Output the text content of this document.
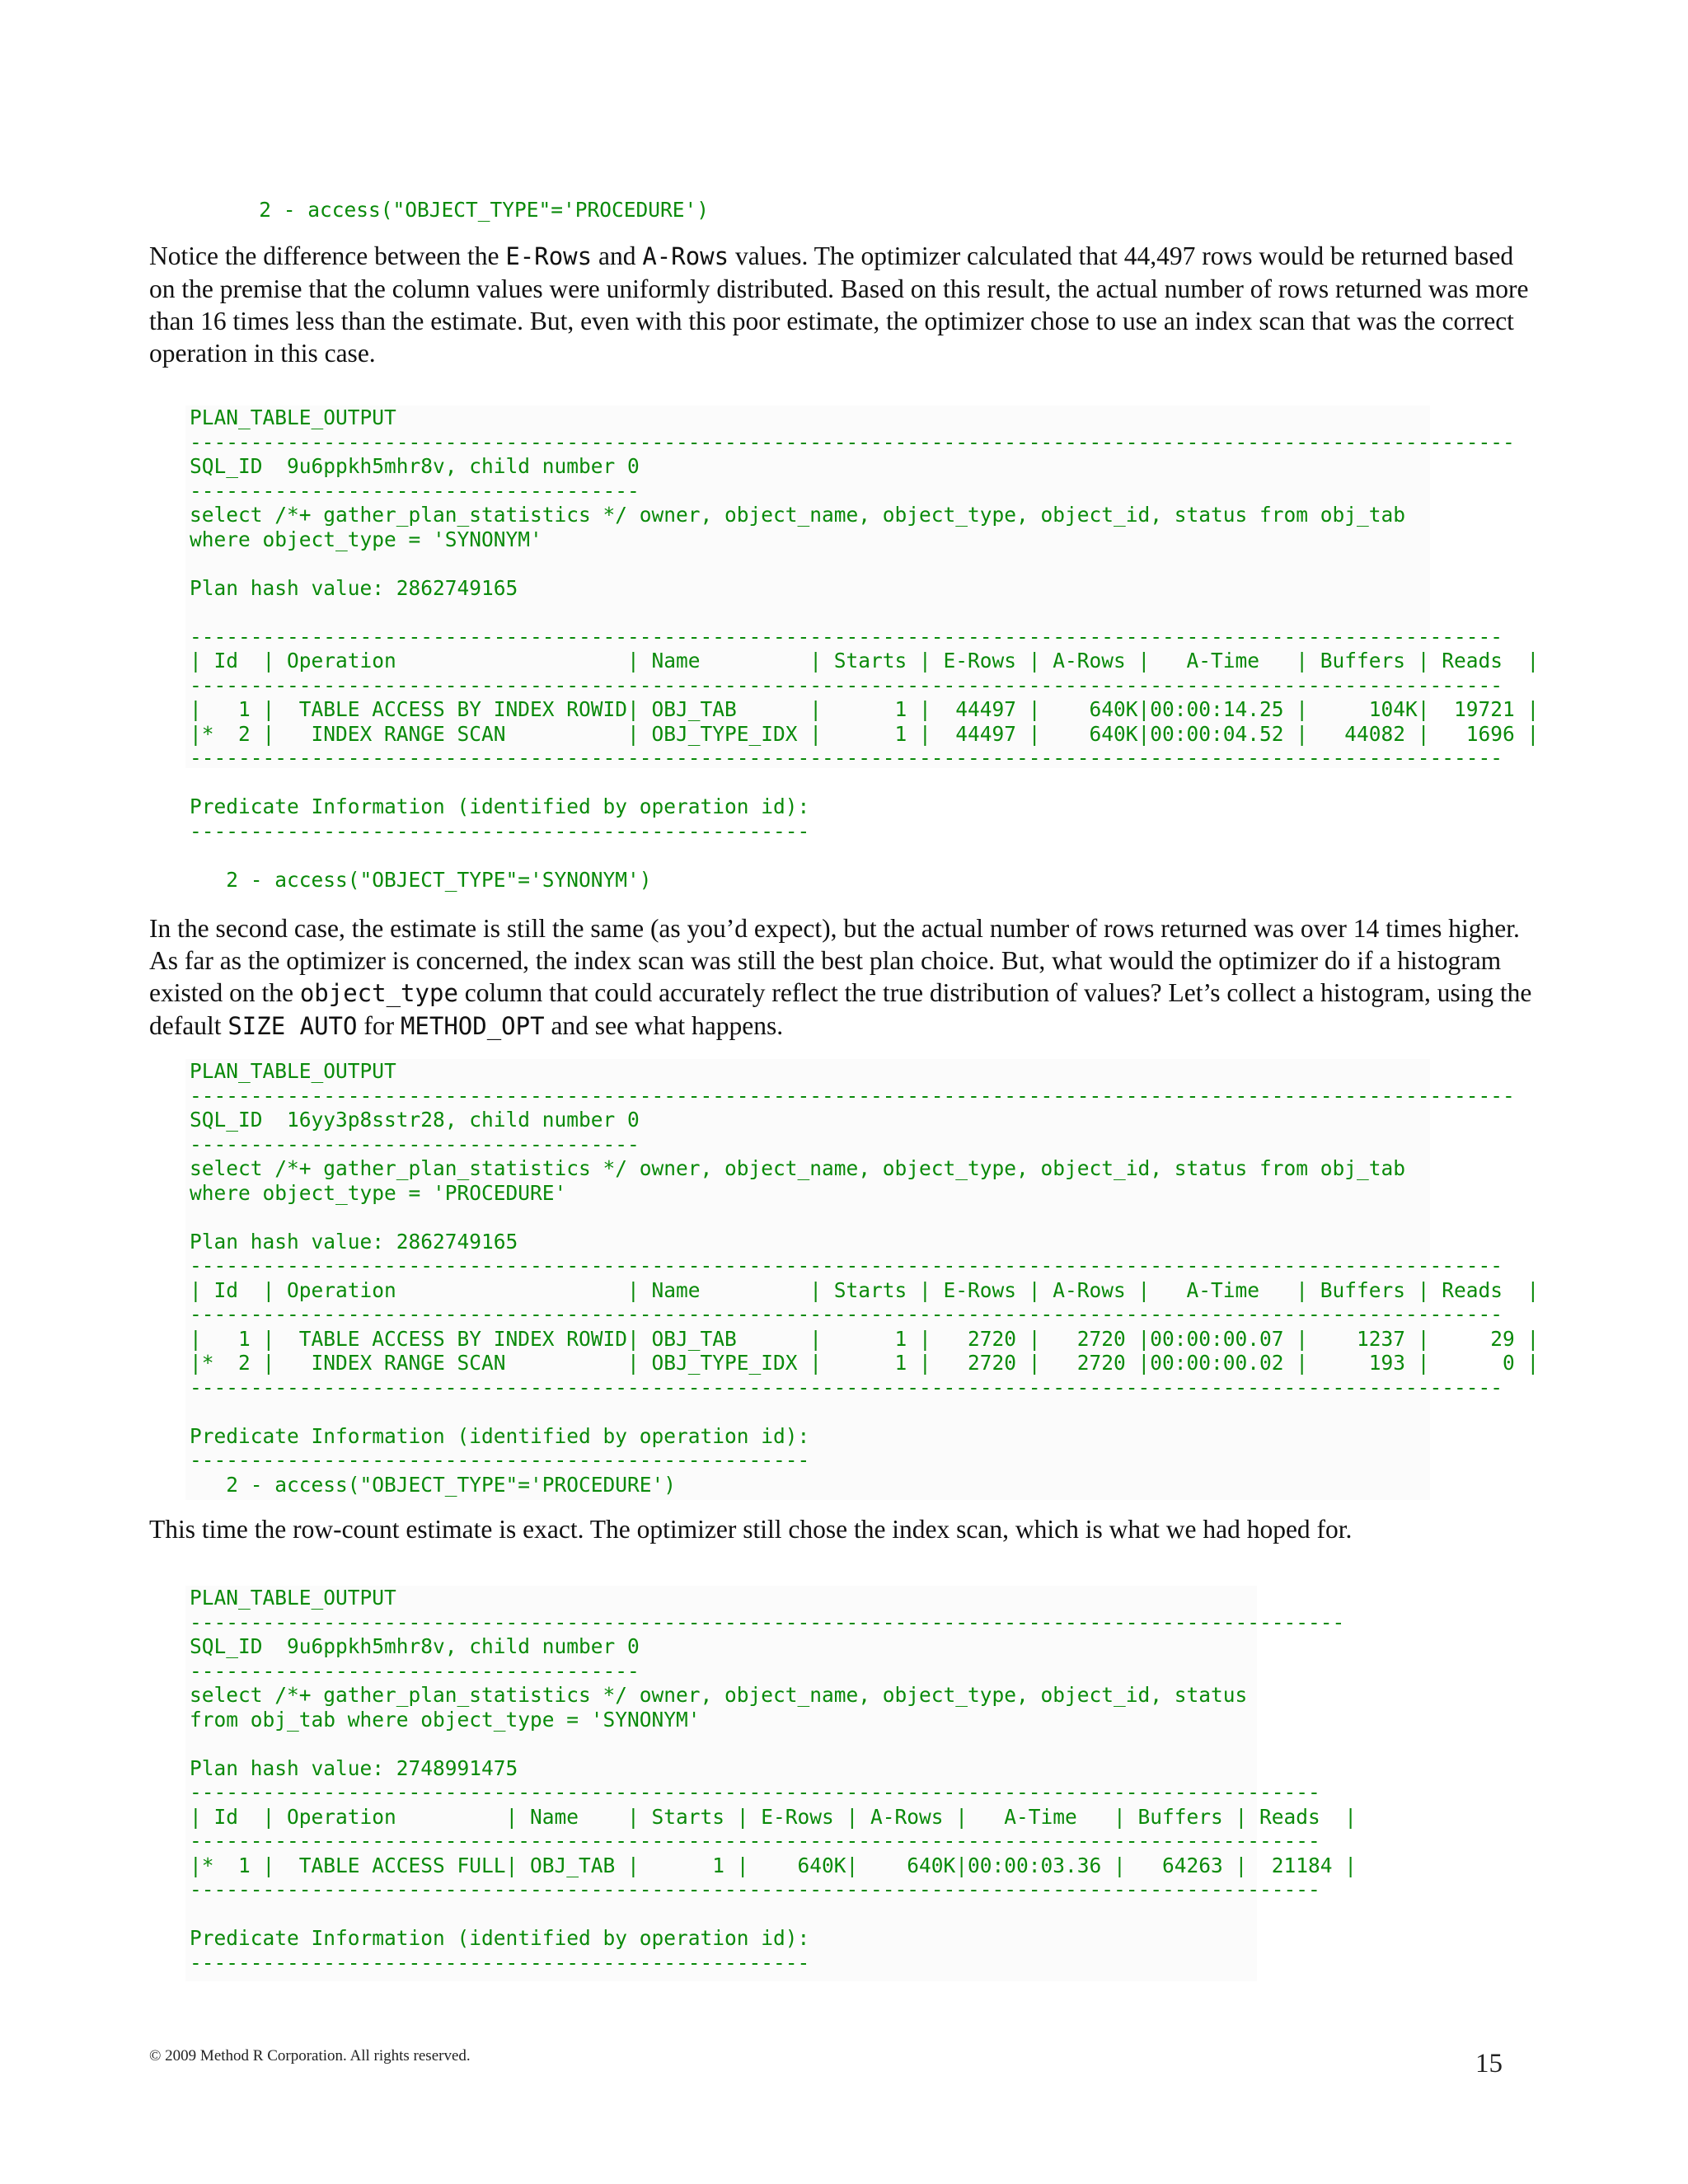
2 - access("OBJECT_TYPE"='PROCEDURE')

Notice the difference between the E-Rows and A-Rows values. The optimizer calculated that 44,497 rows would be returned based on the premise that the column values were uniformly distributed. Based on this result, the actual number of rows returned was more than 16 times less than the estimate. But, even with this poor estimate, the optimizer chose to use an index scan that was the correct operation in this case.

PLAN_TABLE_OUTPUT
-------------------------------------------------------------------------------------------------------------
SQL_ID  9u6ppkh5mhr8v, child number 0
-------------------------------------
select /*+ gather_plan_statistics */ owner, object_name, object_type, object_id, status from obj_tab
where object_type = 'SYNONYM'

Plan hash value: 2862749165

------------------------------------------------------------------------------------------------------------
| Id  | Operation                   | Name         | Starts | E-Rows | A-Rows |   A-Time   | Buffers | Reads  |
------------------------------------------------------------------------------------------------------------
|   1 |  TABLE ACCESS BY INDEX ROWID| OBJ_TAB      |      1 |  44497 |    640K|00:00:14.25 |     104K|  19721 |
|*  2 |   INDEX RANGE SCAN          | OBJ_TYPE_IDX |      1 |  44497 |    640K|00:00:04.52 |   44082 |   1696 |
------------------------------------------------------------------------------------------------------------

Predicate Information (identified by operation id):
---------------------------------------------------

2 - access("OBJECT_TYPE"='SYNONYM')

In the second case, the estimate is still the same (as you’d expect), but the actual number of rows returned was over 14 times higher. As far as the optimizer is concerned, the index scan was still the best plan choice. But, what would the optimizer do if a histogram existed on the object_type column that could accurately reflect the true distribution of values? Let’s collect a histogram, using the default SIZE AUTO for METHOD_OPT and see what happens.

PLAN_TABLE_OUTPUT
-------------------------------------------------------------------------------------------------------------
SQL_ID  16yy3p8sstr28, child number 0
-------------------------------------
select /*+ gather_plan_statistics */ owner, object_name, object_type, object_id, status from obj_tab
where object_type = 'PROCEDURE'

Plan hash value: 2862749165
------------------------------------------------------------------------------------------------------------
| Id  | Operation                   | Name         | Starts | E-Rows | A-Rows |   A-Time   | Buffers | Reads  |
------------------------------------------------------------------------------------------------------------
|   1 |  TABLE ACCESS BY INDEX ROWID| OBJ_TAB      |      1 |   2720 |   2720 |00:00:00.07 |    1237 |     29 |
|*  2 |   INDEX RANGE SCAN          | OBJ_TYPE_IDX |      1 |   2720 |   2720 |00:00:00.02 |     193 |      0 |
------------------------------------------------------------------------------------------------------------

Predicate Information (identified by operation id):
---------------------------------------------------
2 - access("OBJECT_TYPE"='PROCEDURE')

This time the row-count estimate is exact. The optimizer still chose the index scan, which is what we had hoped for.

PLAN_TABLE_OUTPUT
-----------------------------------------------------------------------------------------------
SQL_ID  9u6ppkh5mhr8v, child number 0
-------------------------------------
select /*+ gather_plan_statistics */ owner, object_name, object_type, object_id, status
from obj_tab where object_type = 'SYNONYM'

Plan hash value: 2748991475
---------------------------------------------------------------------------------------------
| Id  | Operation         | Name    | Starts | E-Rows | A-Rows |   A-Time   | Buffers | Reads  |
---------------------------------------------------------------------------------------------
|*  1 |  TABLE ACCESS FULL| OBJ_TAB |      1 |    640K|    640K|00:00:03.36 |   64263 |  21184 |
---------------------------------------------------------------------------------------------

Predicate Information (identified by operation id):
---------------------------------------------------
© 2009 Method R Corporation. All rights reserved.	15
